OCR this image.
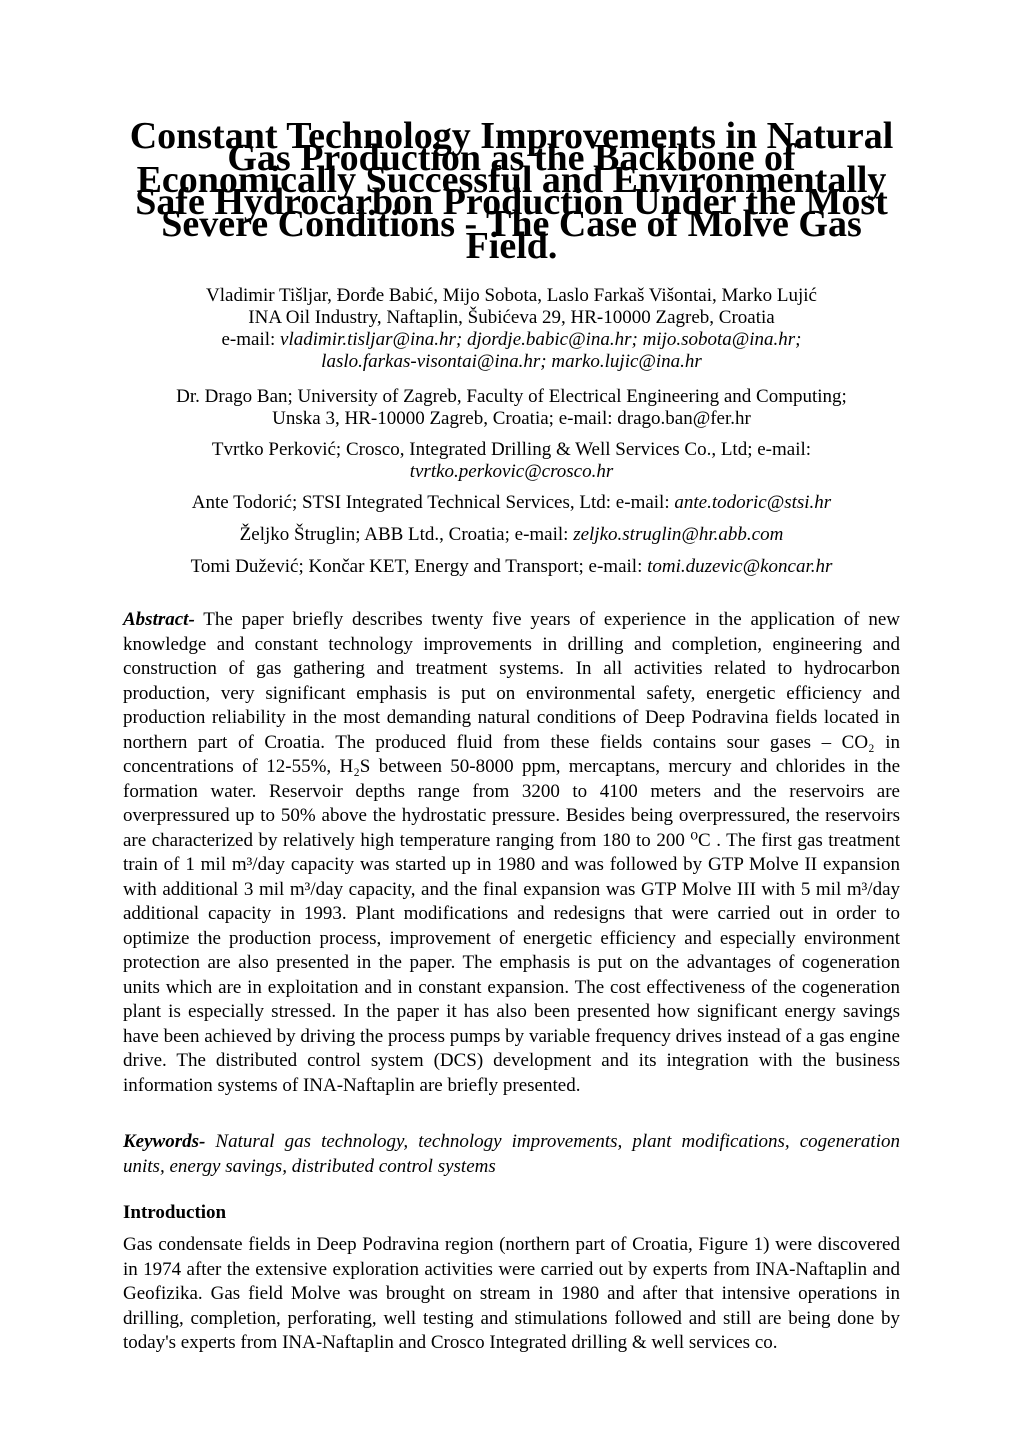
Constant Technology Improvements in Natural Gas Production as the Backbone of Economically Successful and Environmentally Safe Hydrocarbon Production Under the Most Severe Conditions - The Case of Molve Gas Field.
Vladimir Tišljar, Đorđe Babić, Mijo Sobota, Laslo Farkaš Višontai, Marko Lujić
INA Oil Industry, Naftaplin, Šubićeva 29, HR-10000 Zagreb, Croatia
e-mail: vladimir.tisljar@ina.hr; djordje.babic@ina.hr; mijo.sobota@ina.hr;
laslo.farkas-visontai@ina.hr; marko.lujic@ina.hr
Dr. Drago Ban; University of Zagreb, Faculty of Electrical Engineering and Computing;
Unska 3, HR-10000 Zagreb, Croatia; e-mail: drago.ban@fer.hr
Tvrtko Perković; Crosco, Integrated Drilling & Well Services Co., Ltd; e-mail:
tvrtko.perkovic@crosco.hr
Ante Todorić; STSI Integrated Technical Services, Ltd: e-mail: ante.todoric@stsi.hr
Željko Štruglin; ABB Ltd., Croatia; e-mail: zeljko.struglin@hr.abb.com
Tomi Dužević; Končar KET, Energy and Transport; e-mail: tomi.duzevic@koncar.hr

Abstract- The paper briefly describes twenty five years of experience in the application of new knowledge and constant technology improvements in drilling and completion, engineering and construction of gas gathering and treatment systems. In all activities related to hydrocarbon production, very significant emphasis is put on environmental safety, energetic efficiency and production reliability in the most demanding natural conditions of Deep Podravina fields located in northern part of Croatia. The produced fluid from these fields contains sour gases – CO₂ in concentrations of 12-55%, H₂S between 50-8000 ppm, mercaptans, mercury and chlorides in the formation water. Reservoir depths range from 3200 to 4100 meters and the reservoirs are overpressured up to 50% above the hydrostatic pressure. Besides being overpressured, the reservoirs are characterized by relatively high temperature ranging from 180 to 200 ⁰C . The first gas treatment train of 1 mil m³/day capacity was started up in 1980 and was followed by GTP Molve II expansion with additional 3 mil m³/day capacity, and the final expansion was GTP Molve III with 5 mil m³/day additional capacity in 1993. Plant modifications and redesigns that were carried out in order to optimize the production process, improvement of energetic efficiency and especially environment protection are also presented in the paper. The emphasis is put on the advantages of cogeneration units which are in exploitation and in constant expansion. The cost effectiveness of the cogeneration plant is especially stressed. In the paper it has also been presented how significant energy savings have been achieved by driving the process pumps by variable frequency drives instead of a gas engine drive. The distributed control system (DCS) development and its integration with the business information systems of INA-Naftaplin are briefly presented.

Keywords- Natural gas technology, technology improvements, plant modifications, cogeneration units, energy savings, distributed control systems

Introduction

Gas condensate fields in Deep Podravina region (northern part of Croatia, Figure 1) were discovered in 1974 after the extensive exploration activities were carried out by experts from INA-Naftaplin and Geofizika. Gas field Molve was brought on stream in 1980 and after that intensive operations in drilling, completion, perforating, well testing and stimulations followed and still are being done by today's experts from INA-Naftaplin and Crosco Integrated drilling & well services co.
